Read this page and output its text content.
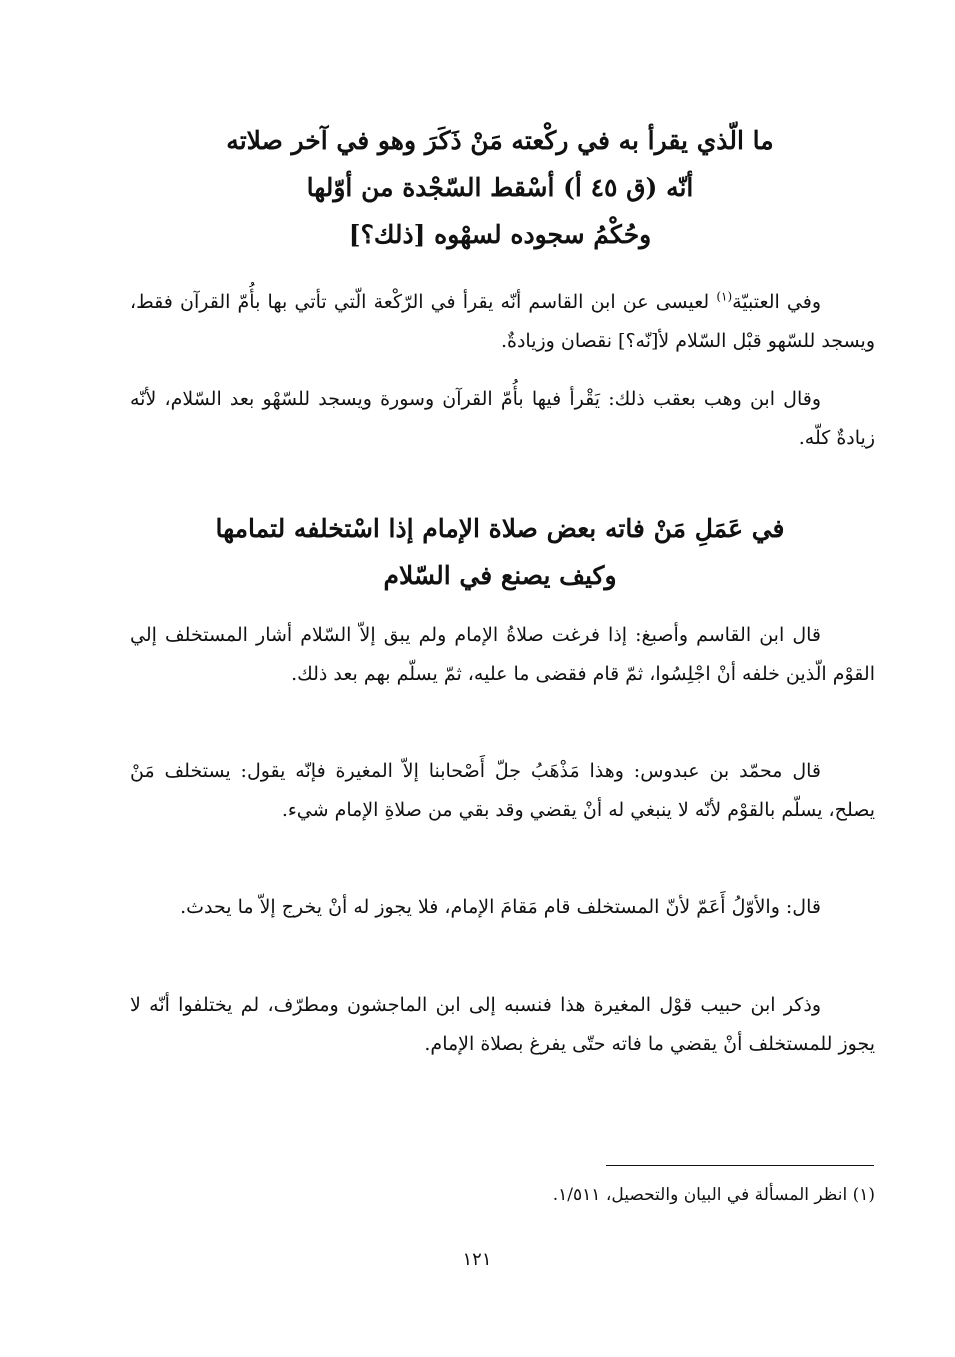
ما الّذي يقرأ به في ركْعته مَنْ ذَكَرَ وهو في آخر صلاته
أنّه (ق ٤٥ أ) أسْقط السّجْدة من أوّلها
وحُكْمُ سجوده لسهْوه [ذلك؟]

وفي العتبيّة$^{(١)}$ لعيسى عن ابن القاسم أنّه يقرأ في الرّكْعة الّتي تأتي بها بأُمّ القرآن فقط، ويسجد للسّهو قبْل السّلام لأ[نّه؟] نقصان وزيادةٌ.

وقال ابن وهب بعقب ذلك: يَقْرأ فيها بأُمّ القرآن وسورة ويسجد للسّهْو بعد السّلام، لأنّه زيادةٌ كلّه.

في عَمَلِ مَنْ فاته بعض صلاة الإمام إذا اسْتخلفه لتمامها
وكيف يصنع في السّلام

قال ابن القاسم وأصبغ: إذا فرغت صلاةُ الإمام ولم يبق إلاّ السّلام أشار المستخلف إلي القوْم الّذين خلفه أنْ اجْلِسُوا، ثمّ قام فقضى ما عليه، ثمّ يسلّم بهم بعد ذلك.

قال محمّد بن عبدوس: وهذا مَذْهَبُ جلّ أَصْحابنا إلاّ المغيرة فإنّه يقول: يستخلف مَنْ يصلح، يسلّم بالقوْم لأنّه لا ينبغي له أنْ يقضي وقد بقي من صلاةِ الإمام شيء.

قال: والأوّلُ أَعَمّ لأنّ المستخلف قام مَقامَ الإمام، فلا يجوز له أنْ يخرج إلاّ ما يحدث.

وذكر ابن حبيب قوْل المغيرة هذا فنسبه إلى ابن الماجشون ومطرّف، لم يختلفوا أنّه لا يجوز للمستخلف أنْ يقضي ما فاته حتّى يفرغ بصلاة الإمام.

(١) انظر المسألة في البيان والتحصيل، ١/٥١١.

١٢١
